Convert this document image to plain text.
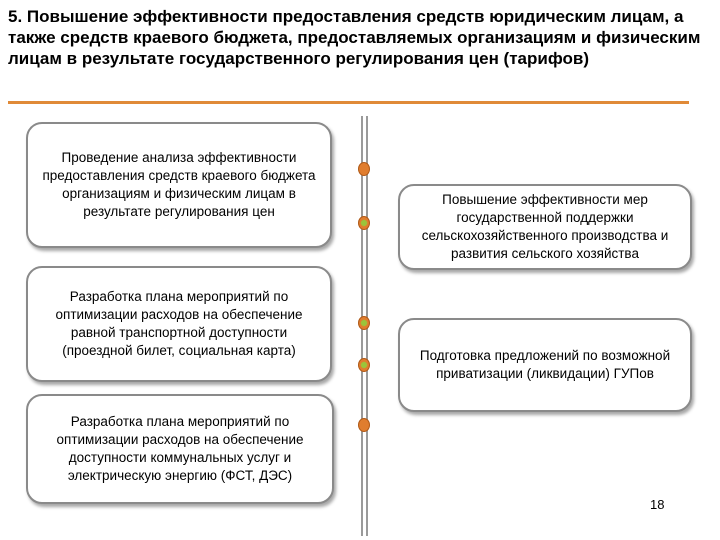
5. Повышение эффективности предоставления средств юридическим лицам, а также средств краевого бюджета, предоставляемых организациям и физическим лицам в результате государственного регулирования цен (тарифов)
Проведение анализа эффективности предоставления средств краевого бюджета организациям и физическим лицам в результате регулирования цен
Разработка плана мероприятий по оптимизации расходов на обеспечение равной транспортной доступности (проездной билет, социальная карта)
Разработка плана мероприятий по оптимизации расходов на обеспечение доступности коммунальных услуг и электрическую энергию (ФСТ, ДЭС)
Повышение эффективности мер государственной поддержки сельскохозяйственного производства и развития сельского хозяйства
Подготовка предложений по возможной приватизации (ликвидации) ГУПов
18
